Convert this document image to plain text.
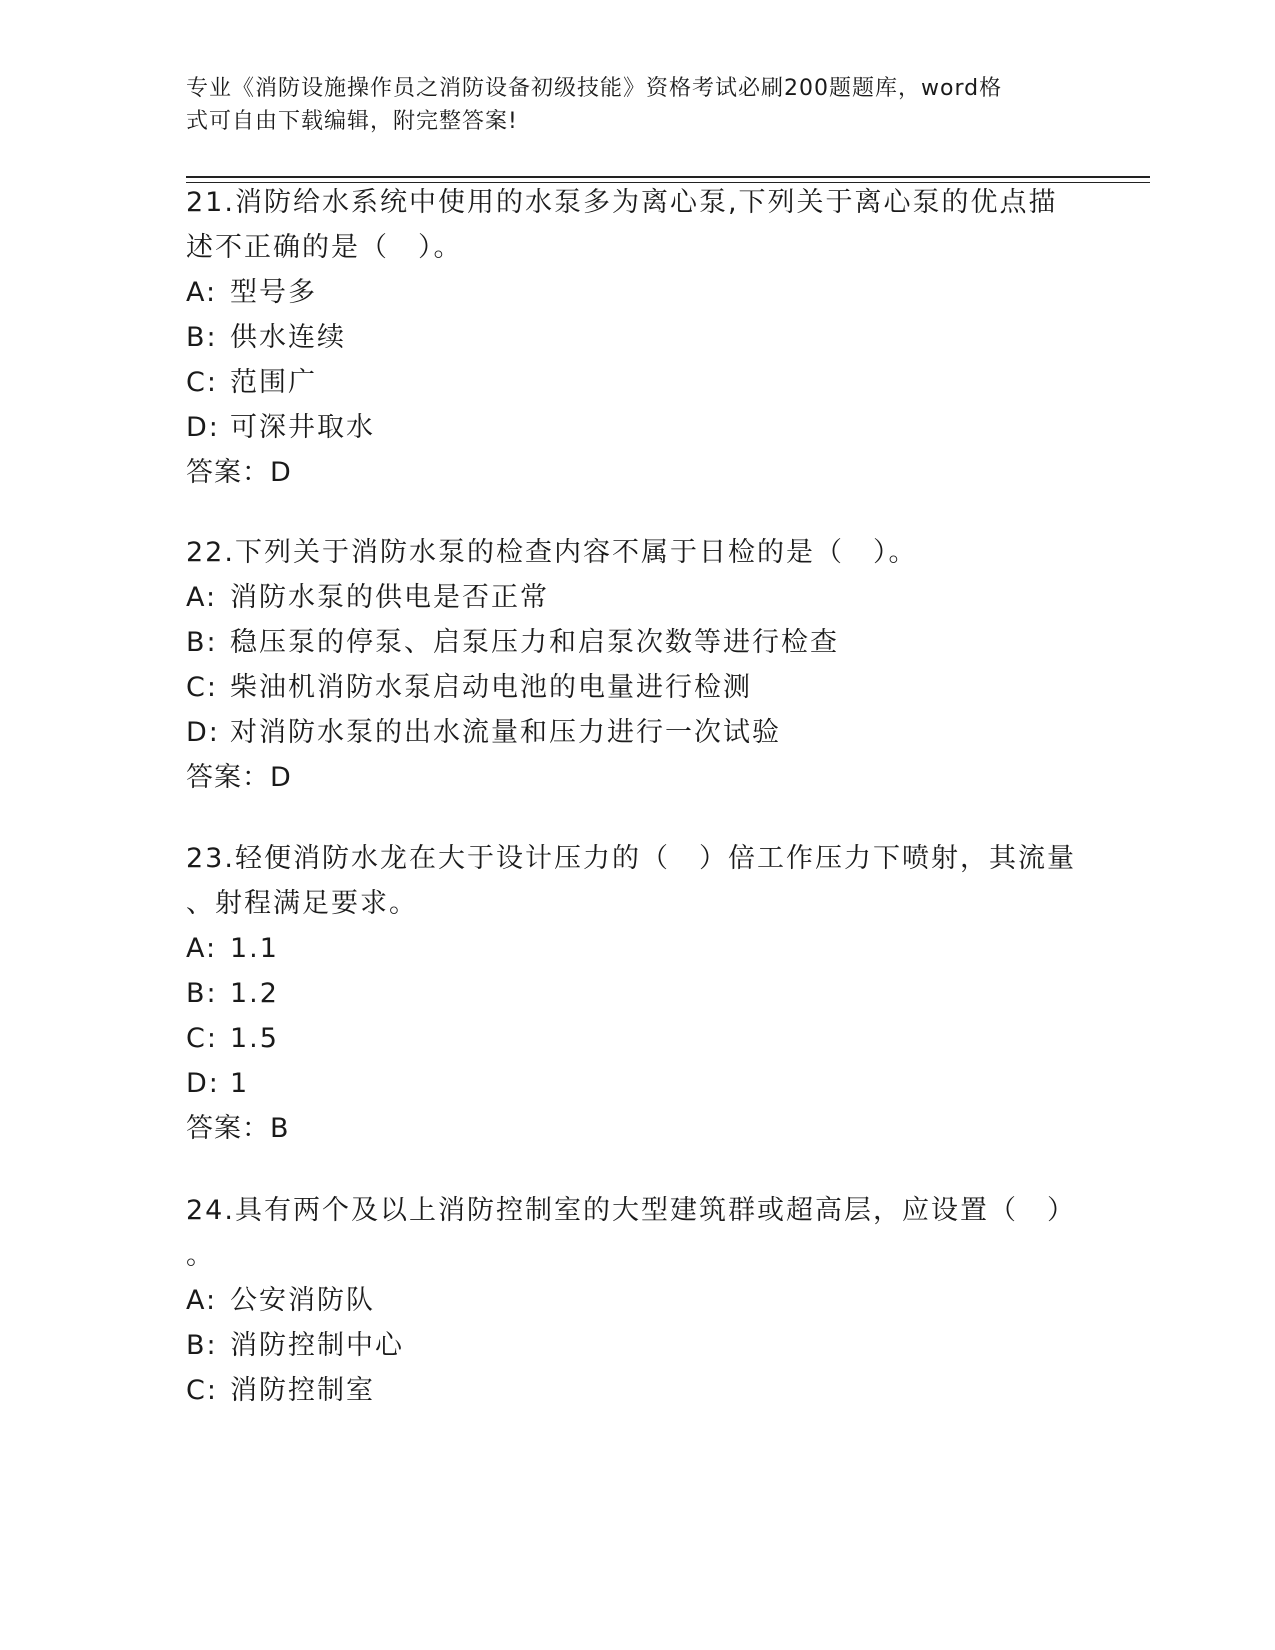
专业《消防设施操作员之消防设备初级技能》资格考试必刷200题题库，word格
式可自由下载编辑，附完整答案!

21.消防给水系统中使用的水泵多为离心泵,下列关于离心泵的优点描

述不正确的是（　）。

A: 型号多

B: 供水连续

C: 范围广

D: 可深井取水

答案：D

22.下列关于消防水泵的检查内容不属于日检的是（　）。

A: 消防水泵的供电是否正常

B: 稳压泵的停泵、启泵压力和启泵次数等进行检查

C: 柴油机消防水泵启动电池的电量进行检测

D: 对消防水泵的出水流量和压力进行一次试验

答案：D

23.轻便消防水龙在大于设计压力的（　）倍工作压力下喷射，其流量

、射程满足要求。

A: 1.1

B: 1.2

C: 1.5

D: 1

答案：B

24.具有两个及以上消防控制室的大型建筑群或超高层，应设置（　）

。

A: 公安消防队

B: 消防控制中心

C: 消防控制室
